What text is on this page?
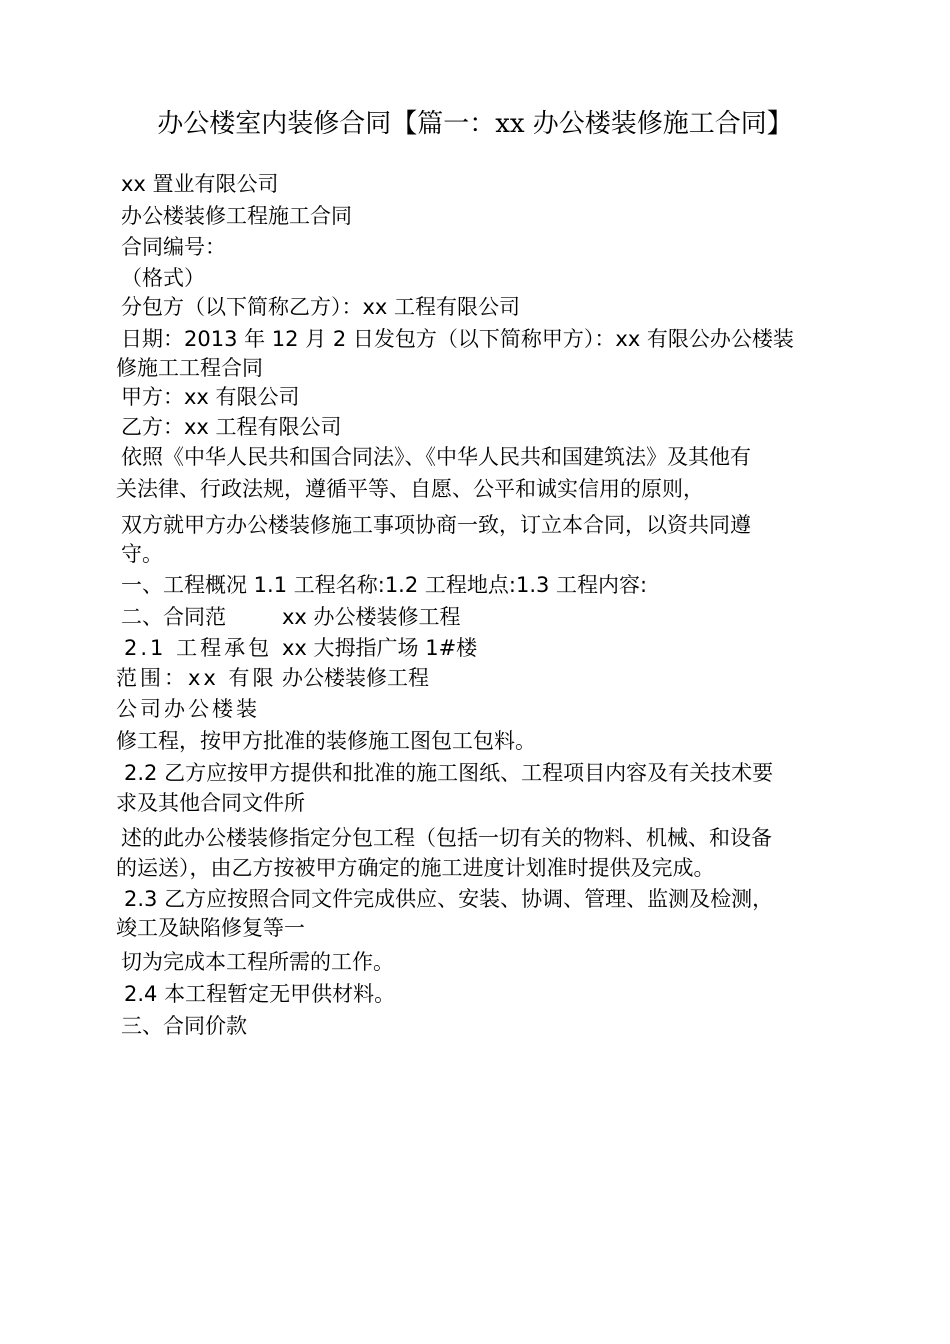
办公楼室内装修合同【篇一：xx 办公楼装修施工合同】
xx 置业有限公司
办公楼装修工程施工合同
合同编号：
（格式）
分包方（以下简称乙方）：xx 工程有限公司
日期：2013 年 12 月 2 日发包方（以下简称甲方）：xx 有限公办公楼装
修施工工程合同
甲方：xx 有限公司
乙方：xx 工程有限公司
依照《中华人民共和国合同法》、《中华人民共和国建筑法》及其他有
关法律、行政法规，遵循平等、自愿、公平和诚实信用的原则，
双方就甲方办公楼装修施工事项协商一致，订立本合同，以资共同遵
守。
一、工程概况 1.1 工程名称:1.2 工程地点:1.3 工程内容:
二、合同范	xx 办公楼装修工程
2.1 工程承包 xx 大拇指广场 1#楼
范围：xx 有限 办公楼装修工程
公司办公楼装
修工程，按甲方批准的装修施工图包工包料。
2.2 乙方应按甲方提供和批准的施工图纸、工程项目内容及有关技术要
求及其他合同文件所
述的此办公楼装修指定分包工程（包括一切有关的物料、机械、和设备
的运送），由乙方按被甲方确定的施工进度计划准时提供及完成。
2.3 乙方应按照合同文件完成供应、安装、协调、管理、监测及检测，
竣工及缺陷修复等一
切为完成本工程所需的工作。
2.4 本工程暂定无甲供材料。
三、合同价款
